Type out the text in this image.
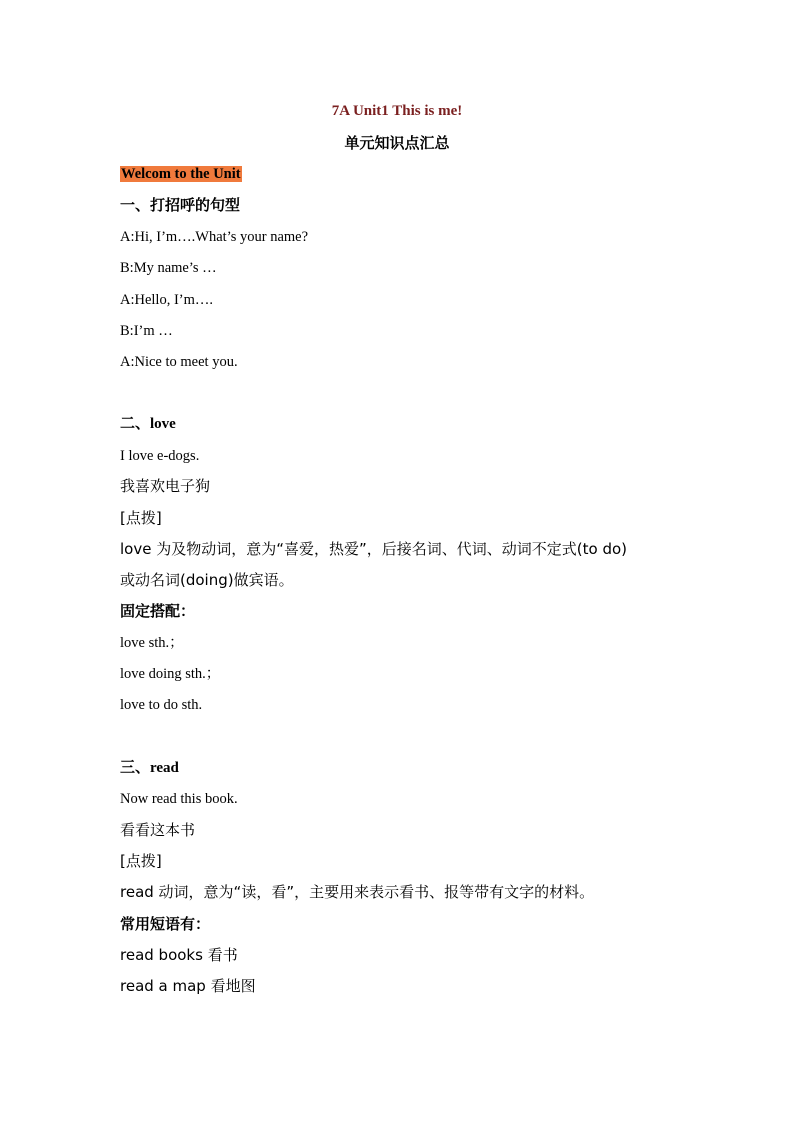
7A Unit1 This is me!
单元知识点汇总
Welcom to the Unit
一、打招呼的句型
A:Hi, I’m….What’s your name?
B:My name’s …
A:Hello, I’m….
B:I’m …
A:Nice to meet you.
二、love
I love e-dogs.
我喜欢电子狗
[点拨]
love 为及物动词，意为“喜爱，热爱”，后接名词、代词、动词不定式(to do)
或动名词(doing)做宾语。
固定搭配：
love sth.；
love doing sth.；
love to do sth.
三、read
Now read this book.
看看这本书
[点拨]
read 动词，意为“读，看”，主要用来表示看书、报等带有文字的材料。
常用短语有：
read books 看书
read a map 看地图
